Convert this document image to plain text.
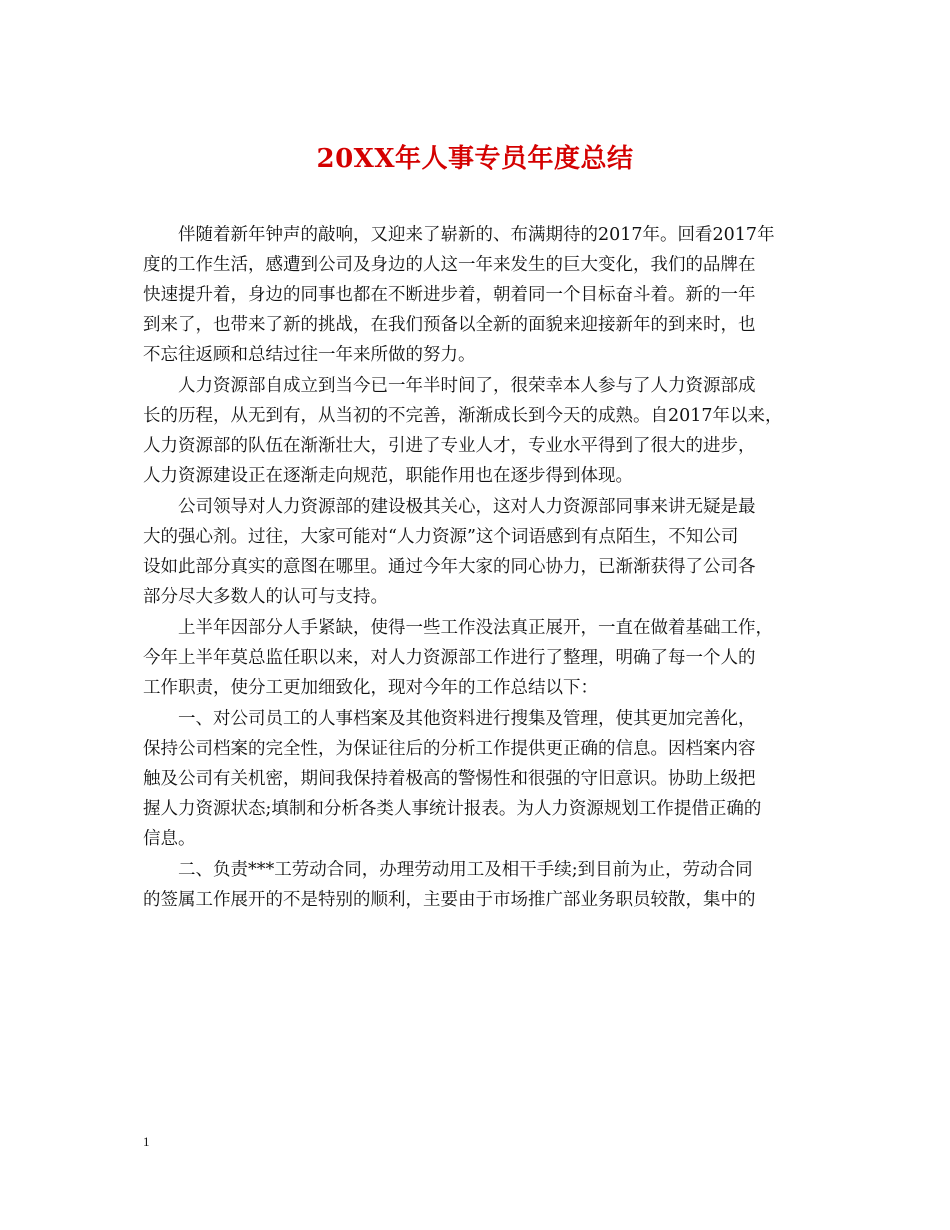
20XX年人事专员年度总结
伴随着新年钟声的敲响，又迎来了崭新的、布满期待的2017年。回看2017年
度的工作生活，感遭到公司及身边的人这一年来发生的巨大变化，我们的品牌在
快速提升着，身边的同事也都在不断进步着，朝着同一个目标奋斗着。新的一年
到来了，也带来了新的挑战，在我们预备以全新的面貌来迎接新年的到来时，也
不忘往返顾和总结过往一年来所做的努力。
人力资源部自成立到当今已一年半时间了，很荣幸本人参与了人力资源部成
长的历程，从无到有，从当初的不完善，渐渐成长到今天的成熟。自2017年以来，
人力资源部的队伍在渐渐壮大，引进了专业人才，专业水平得到了很大的进步，
人力资源建设正在逐渐走向规范，职能作用也在逐步得到体现。
公司领导对人力资源部的建设极其关心，这对人力资源部同事来讲无疑是最
大的强心剂。过往，大家可能对“人力资源”这个词语感到有点陌生，不知公司
设如此部分真实的意图在哪里。通过今年大家的同心协力，已渐渐获得了公司各
部分尽大多数人的认可与支持。
上半年因部分人手紧缺，使得一些工作没法真正展开，一直在做着基础工作，
今年上半年莫总监任职以来，对人力资源部工作进行了整理，明确了每一个人的
工作职责，使分工更加细致化，现对今年的工作总结以下：
一、对公司员工的人事档案及其他资料进行搜集及管理，使其更加完善化，
保持公司档案的完全性，为保证往后的分析工作提供更正确的信息。因档案内容
触及公司有关机密，期间我保持着极高的警惕性和很强的守旧意识。协助上级把
握人力资源状态;填制和分析各类人事统计报表。为人力资源规划工作提借正确的
信息。
二、负责***工劳动合同，办理劳动用工及相干手续;到目前为止，劳动合同
的签属工作展开的不是特别的顺利，主要由于市场推广部业务职员较散，集中的
1
